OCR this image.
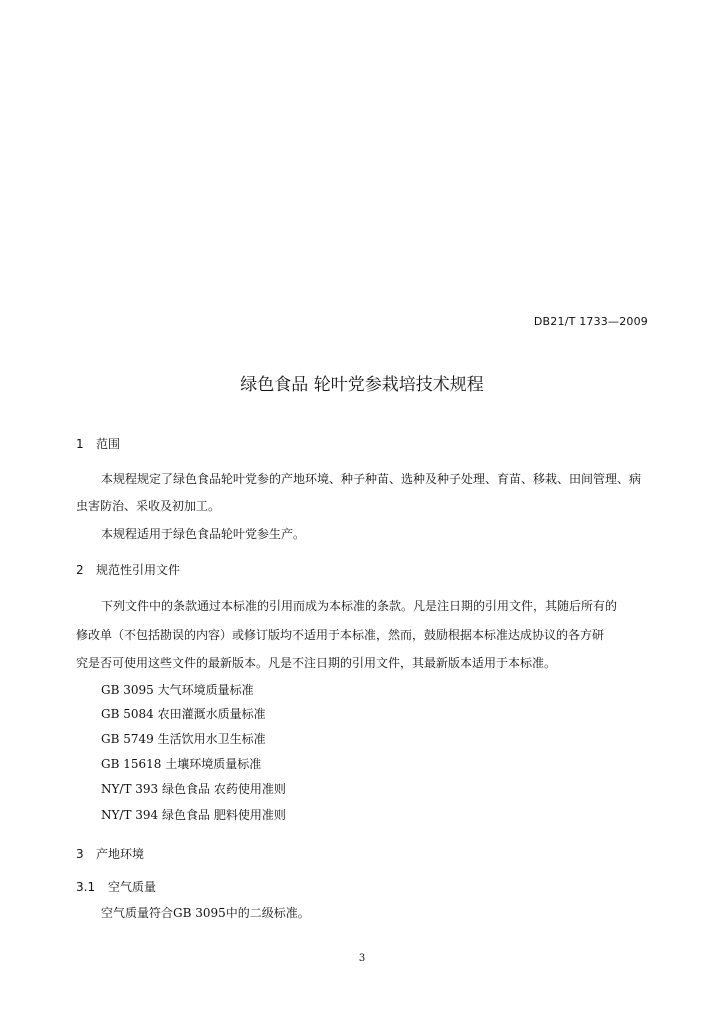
DB21/T 1733—2009
绿色食品 轮叶党参栽培技术规程
1 范围
本规程规定了绿色食品轮叶党参的产地环境、种子种苗、选种及种子处理、育苗、移栽、田间管理、病
虫害防治、采收及初加工。
本规程适用于绿色食品轮叶党参生产。
2 规范性引用文件
下列文件中的条款通过本标准的引用而成为本标准的条款。凡是注日期的引用文件，其随后所有的
修改单（不包括勘误的内容）或修订版均不适用于本标准，然而，鼓励根据本标准达成协议的各方研
究是否可使用这些文件的最新版本。凡是不注日期的引用文件，其最新版本适用于本标准。
GB 3095 大气环境质量标准
GB 5084 农田灌溉水质量标准
GB 5749 生活饮用水卫生标准
GB 15618 土壤环境质量标准
NY/T 393 绿色食品 农药使用准则
NY/T 394 绿色食品 肥料使用准则
3 产地环境
3.1 空气质量
空气质量符合GB 3095中的二级标准。
3
